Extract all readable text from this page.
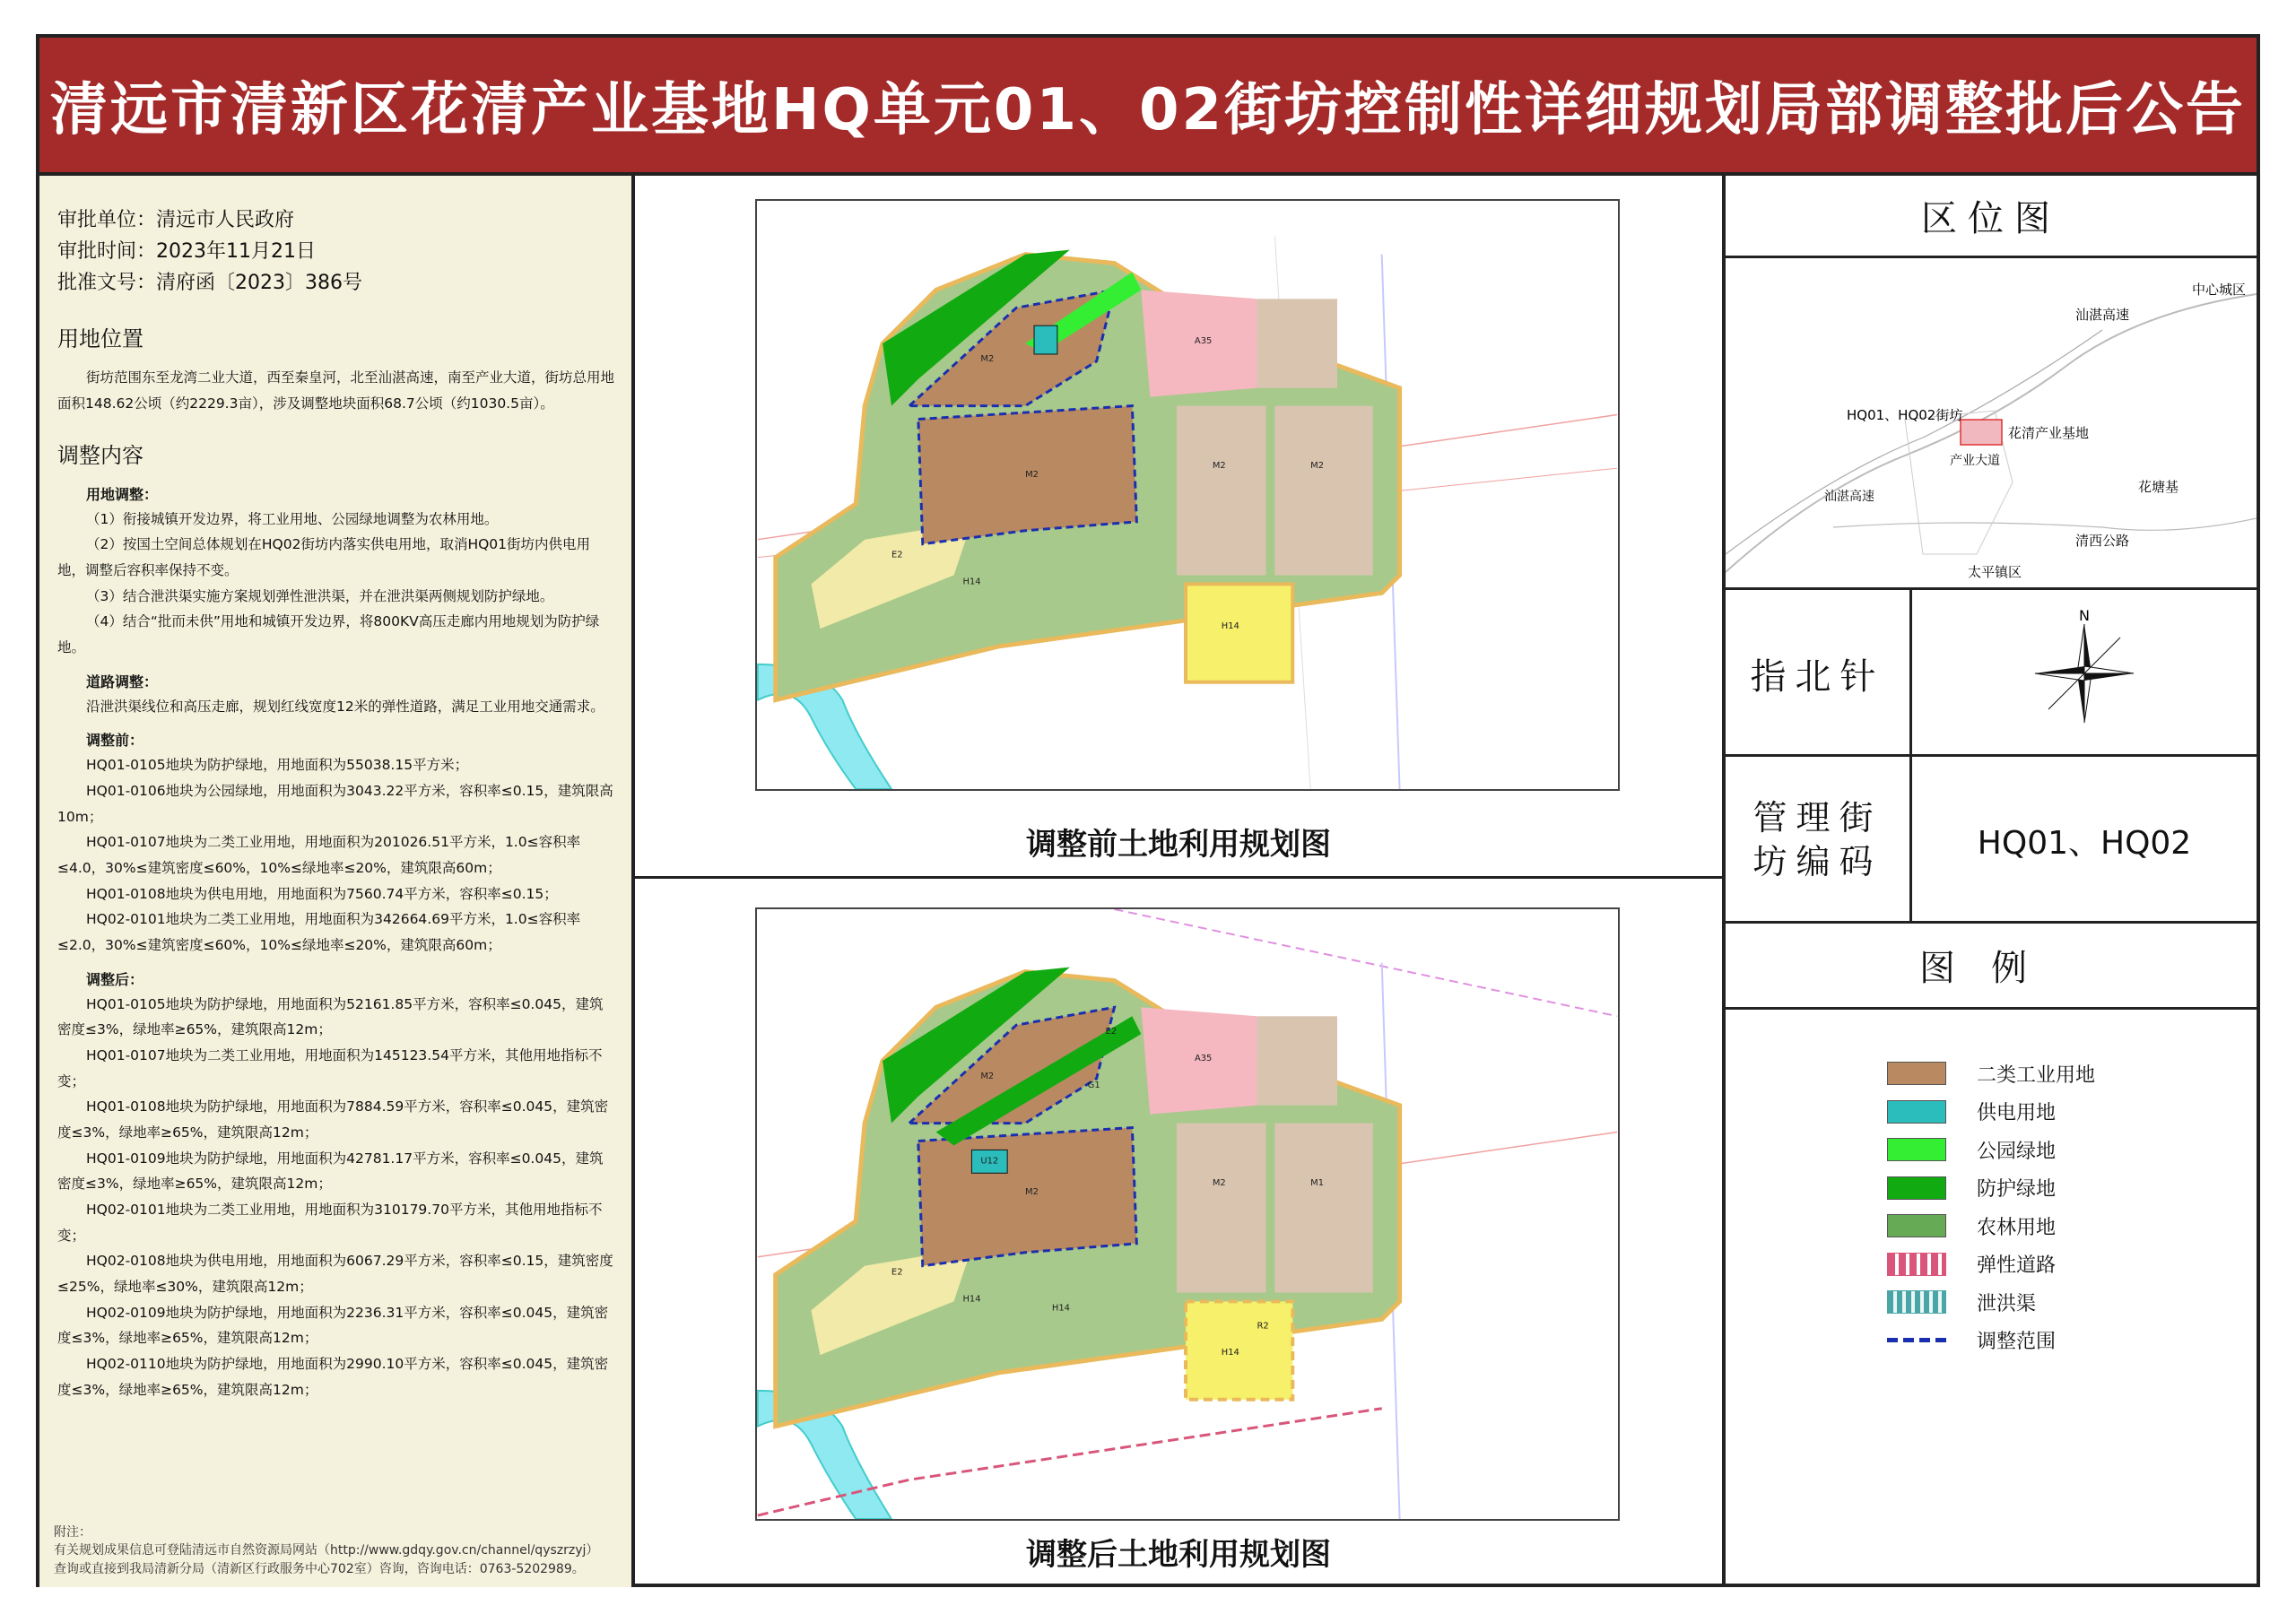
清远市清新区花清产业基地HQ单元01、02街坊控制性详细规划局部调整批后公告
审批单位：清远市人民政府
审批时间：2023年11月21日
批准文号：清府函〔2023〕386号
用地位置
街坊范围东至龙湾二业大道，西至秦皇河，北至汕湛高速，南至产业大道，街坊总用地面积148.62公顷（约2229.3亩），涉及调整地块面积68.7公顷（约1030.5亩）。
调整内容
用地调整：
（1）衔接城镇开发边界，将工业用地、公园绿地调整为农林用地。
（2）按国土空间总体规划在HQ02街坊内落实供电用地，取消HQ01街坊内供电用地，调整后容积率保持不变。
（3）结合泄洪渠实施方案规划弹性泄洪渠，并在泄洪渠两侧规划防护绿地。
（4）结合“批而未供”用地和城镇开发边界，将800KV高压走廊内用地规划为防护绿地。
道路调整：
沿泄洪渠线位和高压走廊，规划红线宽度12米的弹性道路，满足工业用地交通需求。
调整前：
HQ01-0105地块为防护绿地，用地面积为55038.15平方米；
HQ01-0106地块为公园绿地，用地面积为3043.22平方米，容积率≤0.15，建筑限高10m；
HQ01-0107地块为二类工业用地，用地面积为201026.51平方米，1.0≤容积率≤4.0，30%≤建筑密度≤60%，10%≤绿地率≤20%，建筑限高60m；
HQ01-0108地块为供电用地，用地面积为7560.74平方米，容积率≤0.15；
HQ02-0101地块为二类工业用地，用地面积为342664.69平方米，1.0≤容积率≤2.0，30%≤建筑密度≤60%，10%≤绿地率≤20%，建筑限高60m；
调整后：
HQ01-0105地块为防护绿地，用地面积为52161.85平方米，容积率≤0.045，建筑密度≤3%，绿地率≥65%，建筑限高12m；
HQ01-0107地块为二类工业用地，用地面积为145123.54平方米，其他用地指标不变；
HQ01-0108地块为防护绿地，用地面积为7884.59平方米，容积率≤0.045，建筑密度≤3%，绿地率≥65%，建筑限高12m；
HQ01-0109地块为防护绿地，用地面积为42781.17平方米，容积率≤0.045，建筑密度≤3%，绿地率≥65%，建筑限高12m；
HQ02-0101地块为二类工业用地，用地面积为310179.70平方米，其他用地指标不变；
HQ02-0108地块为供电用地，用地面积为6067.29平方米，容积率≤0.15，建筑密度≤25%，绿地率≤30%，建筑限高12m；
HQ02-0109地块为防护绿地，用地面积为2236.31平方米，容积率≤0.045，建筑密度≤3%，绿地率≥65%，建筑限高12m；
HQ02-0110地块为防护绿地，用地面积为2990.10平方米，容积率≤0.045，建筑密度≤3%，绿地率≥65%，建筑限高12m；
附注：
有关规划成果信息可登陆清远市自然资源局网站（http://www.gdqy.gov.cn/channel/qyszrzyj）
查询或直接到我局清新分局（清新区行政服务中心702室）咨询，咨询电话：0763-5202989。
M2
M2
M2	M2
E2
H14
A35
H14
调整前土地利用规划图
M2
M2
M2	M1
E2
E2
U12
H14
H14
R2
A35
G1
H14
调整后土地利用规划图
区位图
中心城区
汕湛高速
HQ01、HQ02街坊
花清产业基地
产业大道
汕湛高速
花塘基
清西公路
太平镇区
指北针
N
管理街坊编码	HQ01、HQ02
图例
二类工业用地
供电用地
公园绿地
防护绿地
农林用地
弹性道路
泄洪渠
调整范围
